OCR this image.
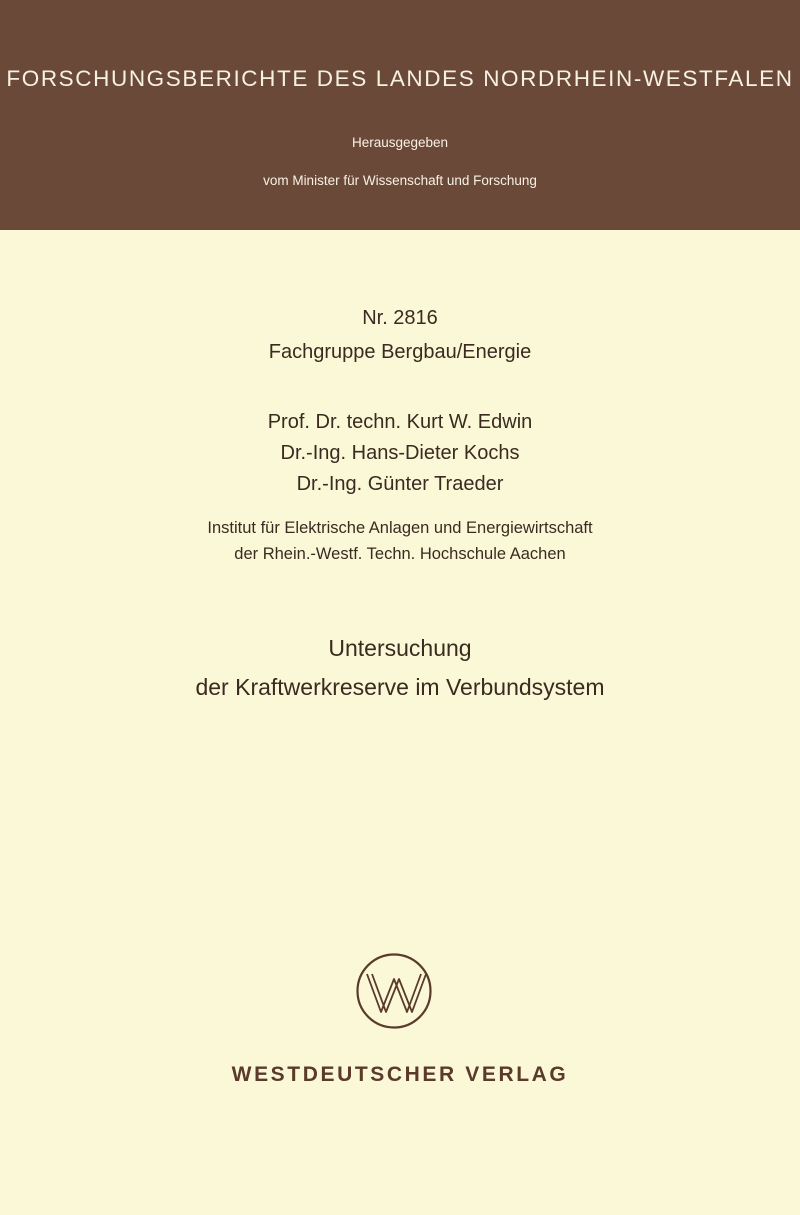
FORSCHUNGSBERICHTE DES LANDES NORDRHEIN-WESTFALEN
Herausgegeben
vom Minister für Wissenschaft und Forschung
Nr. 2816
Fachgruppe Bergbau/Energie
Prof. Dr. techn. Kurt W. Edwin
Dr.-Ing. Hans-Dieter Kochs
Dr.-Ing. Günter Traeder
Institut für Elektrische Anlagen und Energiewirtschaft
der Rhein.-Westf. Techn. Hochschule Aachen
Untersuchung
der Kraftwerkreserve im Verbundsystem
WESTDEUTSCHER VERLAG
